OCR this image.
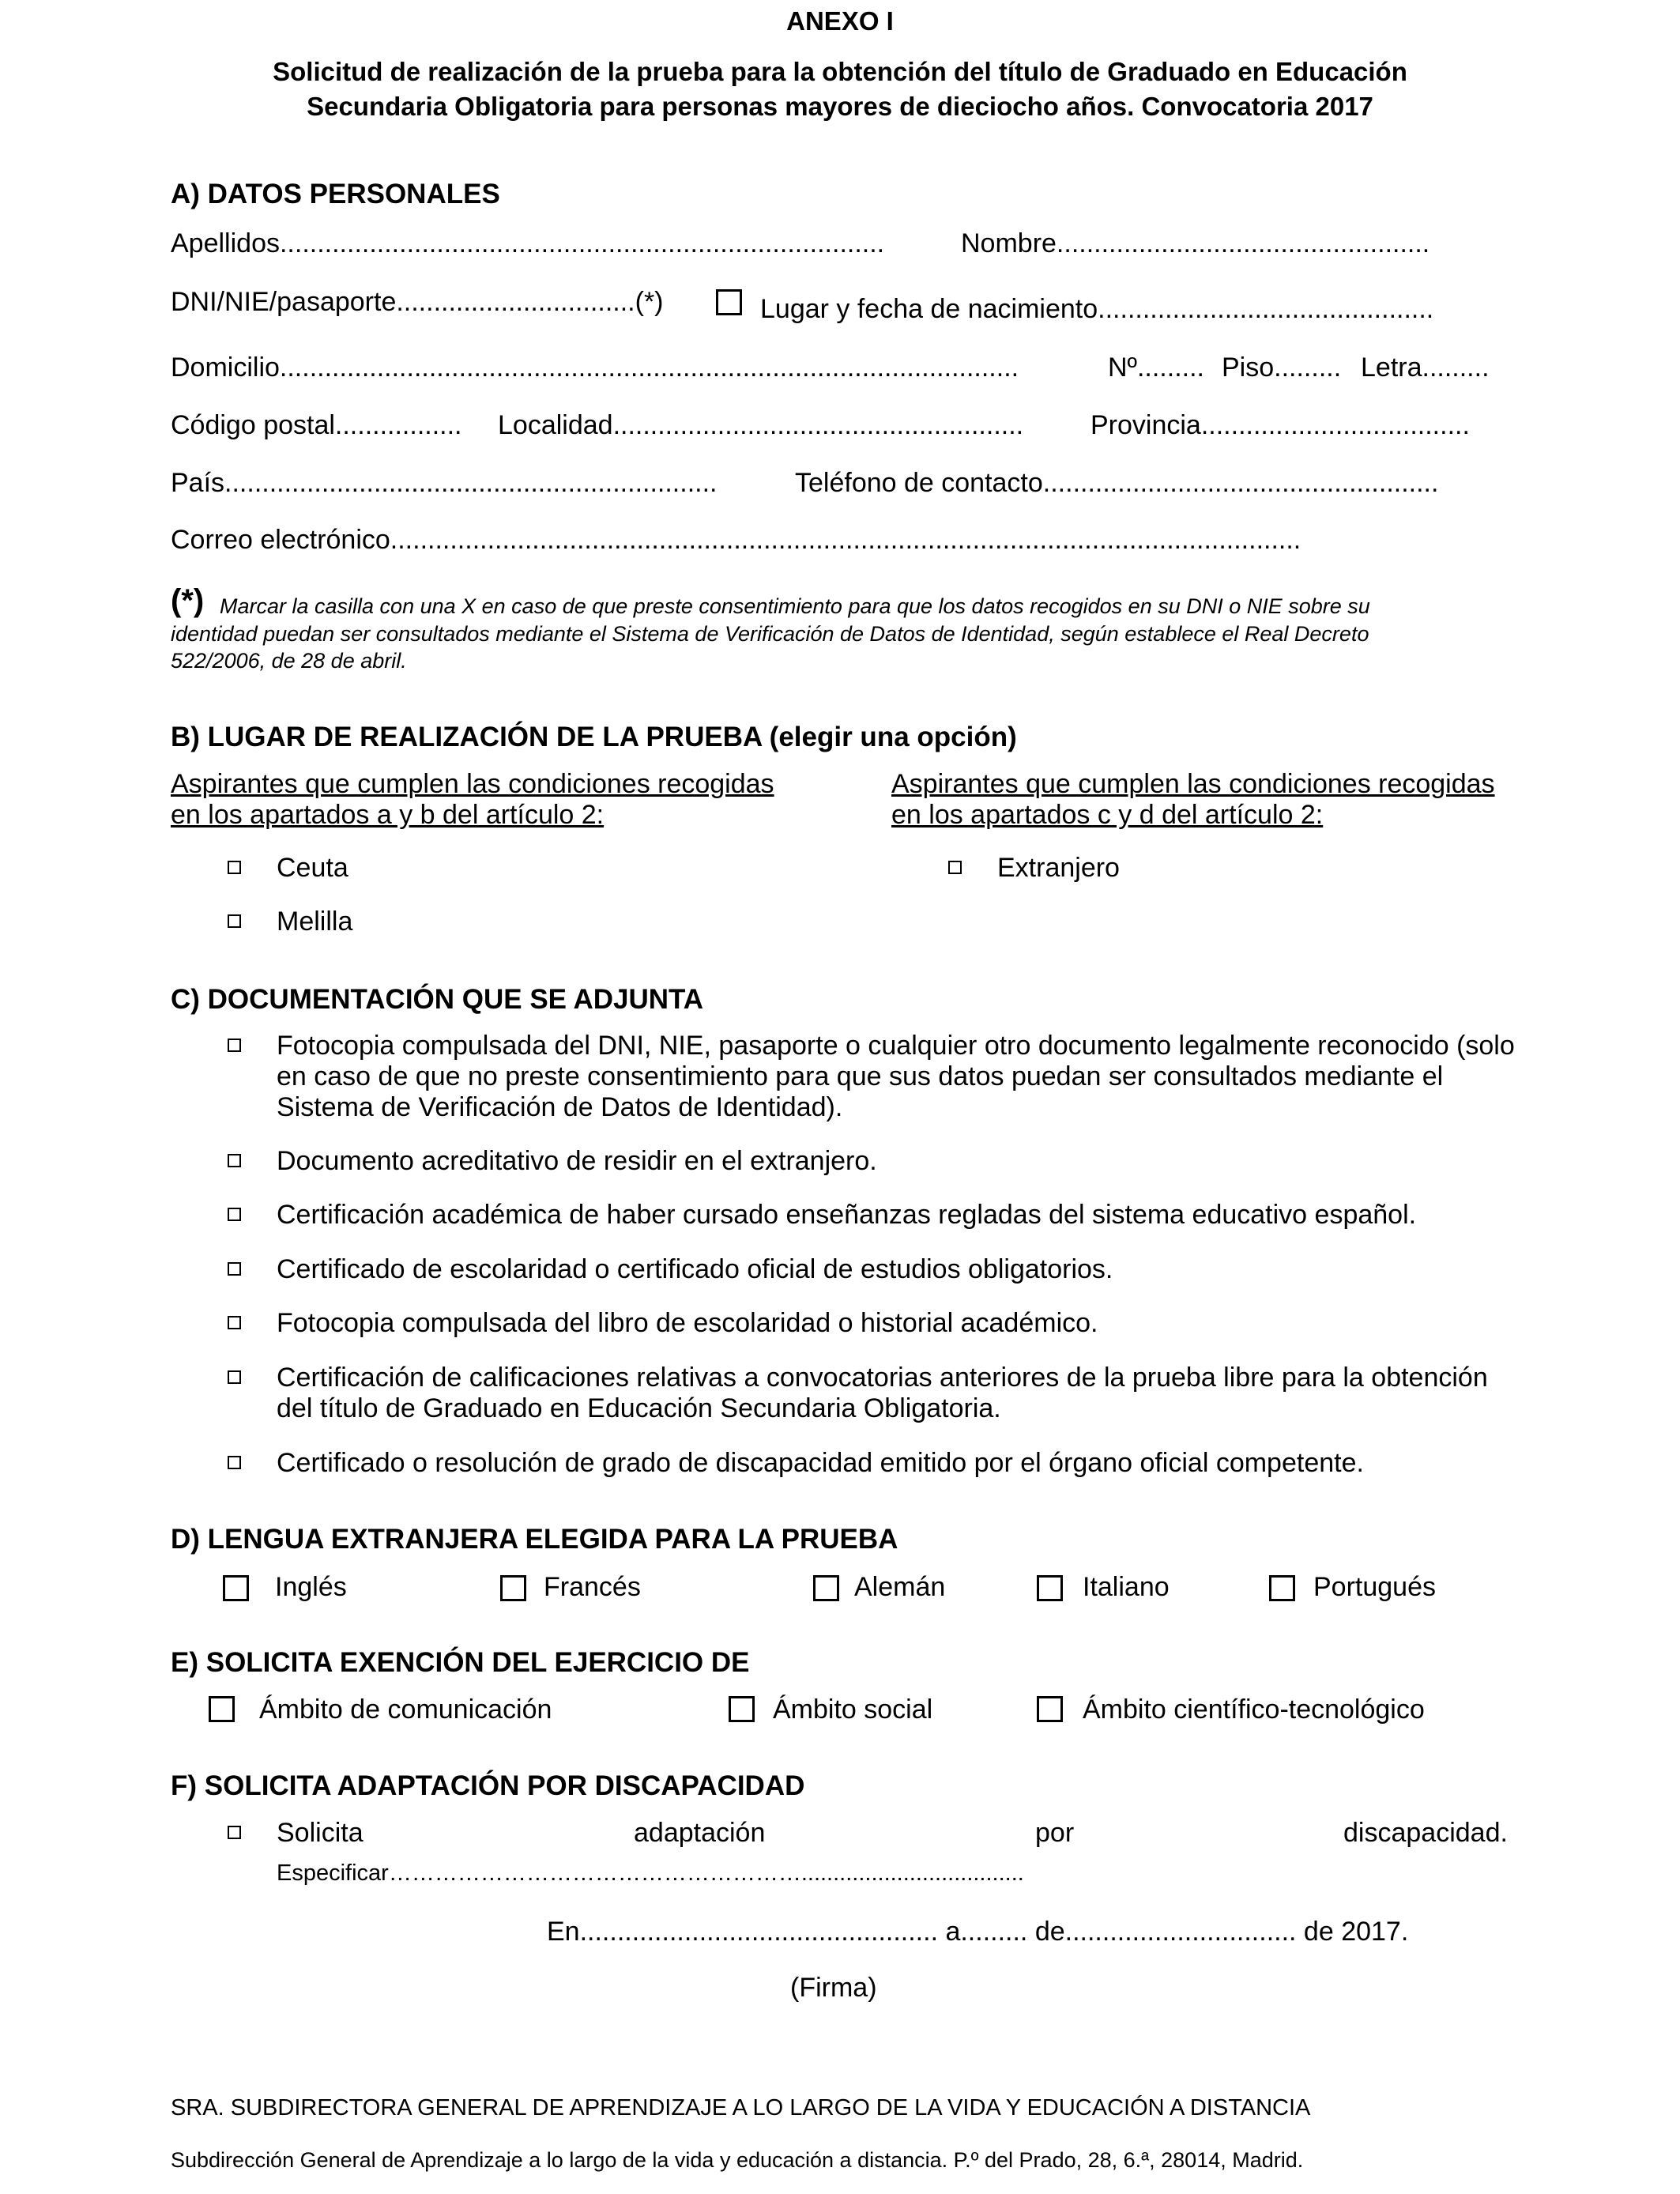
ANEXO I
Solicitud de realización de la prueba para la obtención del título de Graduado en Educación
Secundaria Obligatoria para personas mayores de dieciocho años. Convocatoria 2017
A) DATOS PERSONALES
Apellidos.................................................................................	Nombre..................................................
DNI/NIE/pasaporte................................(*)	Lugar y fecha de nacimiento.............................................
Domicilio...................................................................................................	Nº......... Piso......... Letra.........
Código postal................. Localidad....................................................... Provincia....................................
País..................................................................	Teléfono de contacto.....................................................
Correo electrónico..........................................................................................................................
(*) Marcar la casilla con una X en caso de que preste consentimiento para que los datos recogidos en su DNI o NIE sobre su
identidad puedan ser consultados mediante el Sistema de Verificación de Datos de Identidad, según establece el Real Decreto
522/2006, de 28 de abril.
B) LUGAR DE REALIZACIÓN DE LA PRUEBA (elegir una opción)
Aspirantes que cumplen las condiciones recogidas
en los apartados a y b del artículo 2:
Aspirantes que cumplen las condiciones recogidas
en los apartados c y d del artículo 2:
Ceuta
Melilla
Extranjero
C) DOCUMENTACIÓN QUE SE ADJUNTA
Fotocopia compulsada del DNI, NIE, pasaporte o cualquier otro documento legalmente reconocido (solo
en caso de que no preste consentimiento para que sus datos puedan ser consultados mediante el
Sistema de Verificación de Datos de Identidad).
Documento acreditativo de residir en el extranjero.
Certificación académica de haber cursado enseñanzas regladas del sistema educativo español.
Certificado de escolaridad o certificado oficial de estudios obligatorios.
Fotocopia compulsada del libro de escolaridad o historial académico.
Certificación de calificaciones relativas a convocatorias anteriores de la prueba libre para la obtención
del título de Graduado en Educación Secundaria Obligatoria.
Certificado o resolución de grado de discapacidad emitido por el órgano oficial competente.
D) LENGUA EXTRANJERA ELEGIDA PARA LA PRUEBA
Inglés	Francés	Alemán	Italiano	Portugués
E) SOLICITA EXENCIÓN DEL EJERCICIO DE
Ámbito de comunicación	Ámbito social	Ámbito científico-tecnológico
F) SOLICITA ADAPTACIÓN POR DISCAPACIDAD
Solicita	adaptación	por	discapacidad.
Especificar………………………………………………...................................
En................................................ a......... de............................... de 2017.
(Firma)
SRA. SUBDIRECTORA GENERAL DE APRENDIZAJE A LO LARGO DE LA VIDA Y EDUCACIÓN A DISTANCIA
Subdirección General de Aprendizaje a lo largo de la vida y educación a distancia. P.º del Prado, 28, 6.ª, 28014, Madrid.
